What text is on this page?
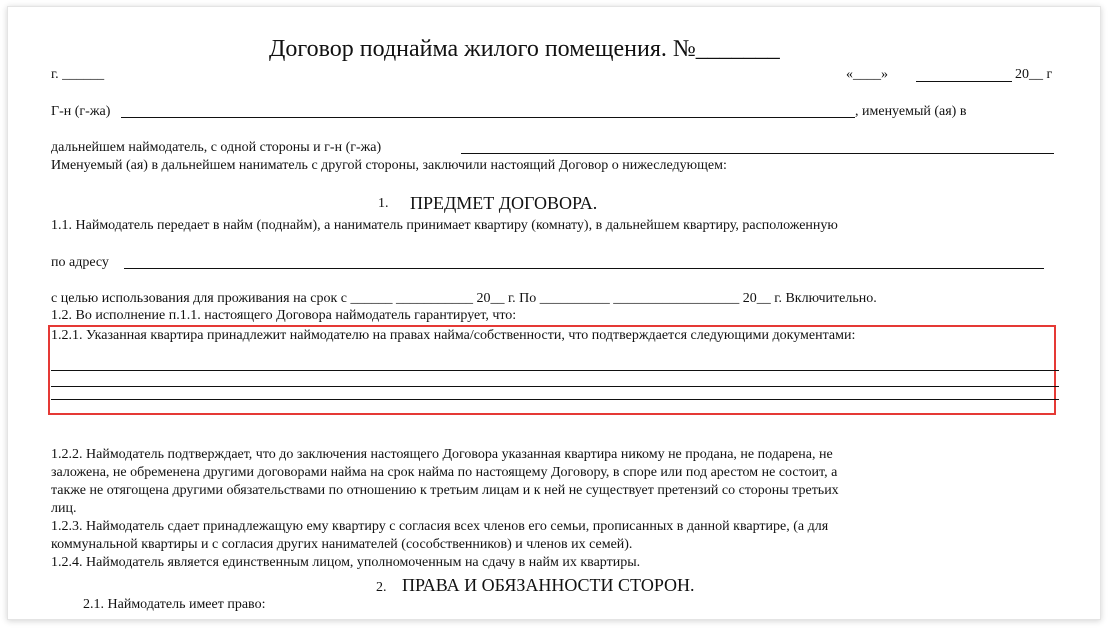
Договор поднайма жилого помещения. №_______
г. ______	«____»	20__ г
Г-н (г-жа)	, именуемый (ая) в
дальнейшем наймодатель, с одной стороны и г-н (г-жа)
Именуемый (ая) в дальнейшем наниматель с другой стороны, заключили настоящий Договор о нижеследующем:
1. ПРЕДМЕТ ДОГОВОРА.
1.1. Наймодатель передает в найм (поднайм), а наниматель принимает квартиру (комнату), в дальнейшем квартиру, расположенную
по адресу
с целью использования для проживания на срок с ______ ___________ 20__ г. По __________ __________________ 20__ г. Включительно.
1.2. Во исполнение п.1.1. настоящего Договора наймодатель гарантирует, что:
1.2.1. Указанная квартира принадлежит наймодателю на правах найма/собственности, что подтверждается следующими документами:
1.2.2. Наймодатель подтверждает, что до заключения настоящего Договора указанная квартира никому не продана, не подарена, не
заложена, не обременена другими договорами найма на срок найма по настоящему Договору, в споре или под арестом не состоит, а
также не отягощена другими обязательствами по отношению к третьим лицам и к ней не существует претензий со стороны третьих
лиц.
1.2.3. Наймодатель сдает принадлежащую ему квартиру с согласия всех членов его семьи, прописанных в данной квартире, (а для
коммунальной квартиры и с согласия других нанимателей (сособственников) и членов их семей).
1.2.4. Наймодатель является единственным лицом, уполномоченным на сдачу в найм их квартиры.
2. ПРАВА И ОБЯЗАННОСТИ СТОРОН.
2.1. Наймодатель имеет право:
